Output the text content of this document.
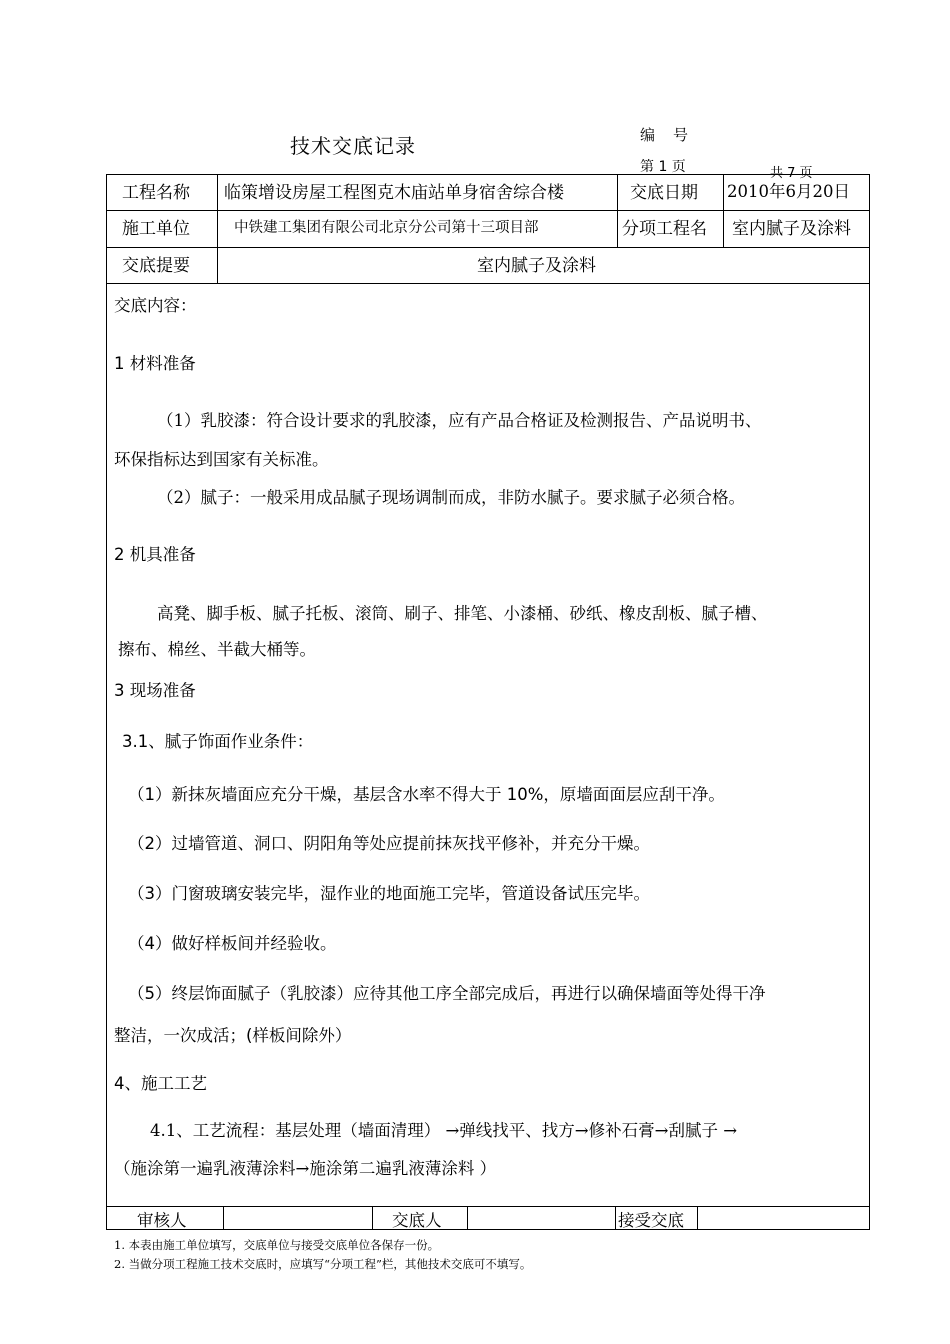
技术交底记录	编号
第 1 页	共 7 页
工程名称 临策增设房屋工程图克木庙站单身宿舍综合楼	交底日期 2010年6月20日
施工单位	中铁建工集团有限公司北京分公司第十三项目部	分项工程名 室内腻子及涂料
交底提要	室内腻子及涂料
交底内容：
1 材料准备
（1）乳胶漆：符合设计要求的乳胶漆，应有产品合格证及检测报告、产品说明书、
环保指标达到国家有关标准。
（2）腻子：一般采用成品腻子现场调制而成，非防水腻子。要求腻子必须合格。
2 机具准备
高凳、脚手板、腻子托板、滚筒、刷子、排笔、小漆桶、砂纸、橡皮刮板、腻子槽、
擦布、棉丝、半截大桶等。
3 现场准备
3.1、腻子饰面作业条件：
（1）新抹灰墙面应充分干燥，基层含水率不得大于 10%，原墙面面层应刮干净。
（2）过墙管道、洞口、阴阳角等处应提前抹灰找平修补，并充分干燥。
（3）门窗玻璃安装完毕，湿作业的地面施工完毕，管道设备试压完毕。
（4）做好样板间并经验收。
（5）终层饰面腻子（乳胶漆）应待其他工序全部完成后，再进行以确保墙面等处得干净
整洁，一次成活；(样板间除外）
4、施工工艺
4.1、工艺流程：基层处理（墙面清理） →弹线找平、找方→修补石膏→刮腻子 →
（施涂第一遍乳液薄涂料→施涂第二遍乳液薄涂料 ）
审核人	交底人	接受交底
1. 本表由施工单位填写，交底单位与接受交底单位各保存一份。
2. 当做分项工程施工技术交底时，应填写“分项工程”栏，其他技术交底可不填写。
